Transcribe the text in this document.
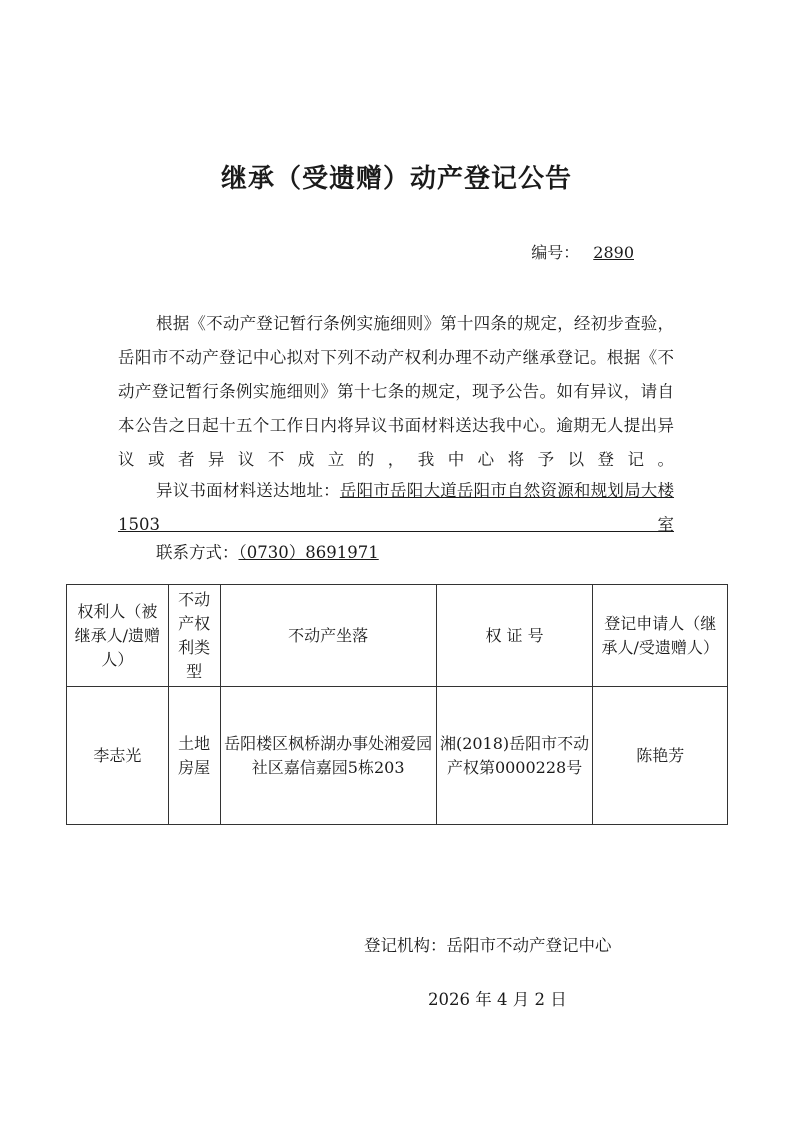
继承（受遗赠）动产登记公告
编号： 2890
根据《不动产登记暂行条例实施细则》第十四条的规定，经初步查验，岳阳市不动产登记中心拟对下列不动产权利办理不动产继承登记。根据《不动产登记暂行条例实施细则》第十七条的规定，现予公告。如有异议，请自本公告之日起十五个工作日内将异议书面材料送达我中心。逾期无人提出异议或者异议不成立的，我中心将予以登记。
异议书面材料送达地址：岳阳市岳阳大道岳阳市自然资源和规划局大楼1503室
联系方式：（0730）8691971
权利人（被继承人/遗赠人）	不动产权利类型	不动产坐落	权 证 号	登记申请人（继承人/受遗赠人）
李志光	土地房屋	岳阳楼区枫桥湖办事处湘爱园社区嘉信嘉园5栋203	湘(2018)岳阳市不动产权第0000228号	陈艳芳
登记机构：岳阳市不动产登记中心
2026 年 4 月 2 日
